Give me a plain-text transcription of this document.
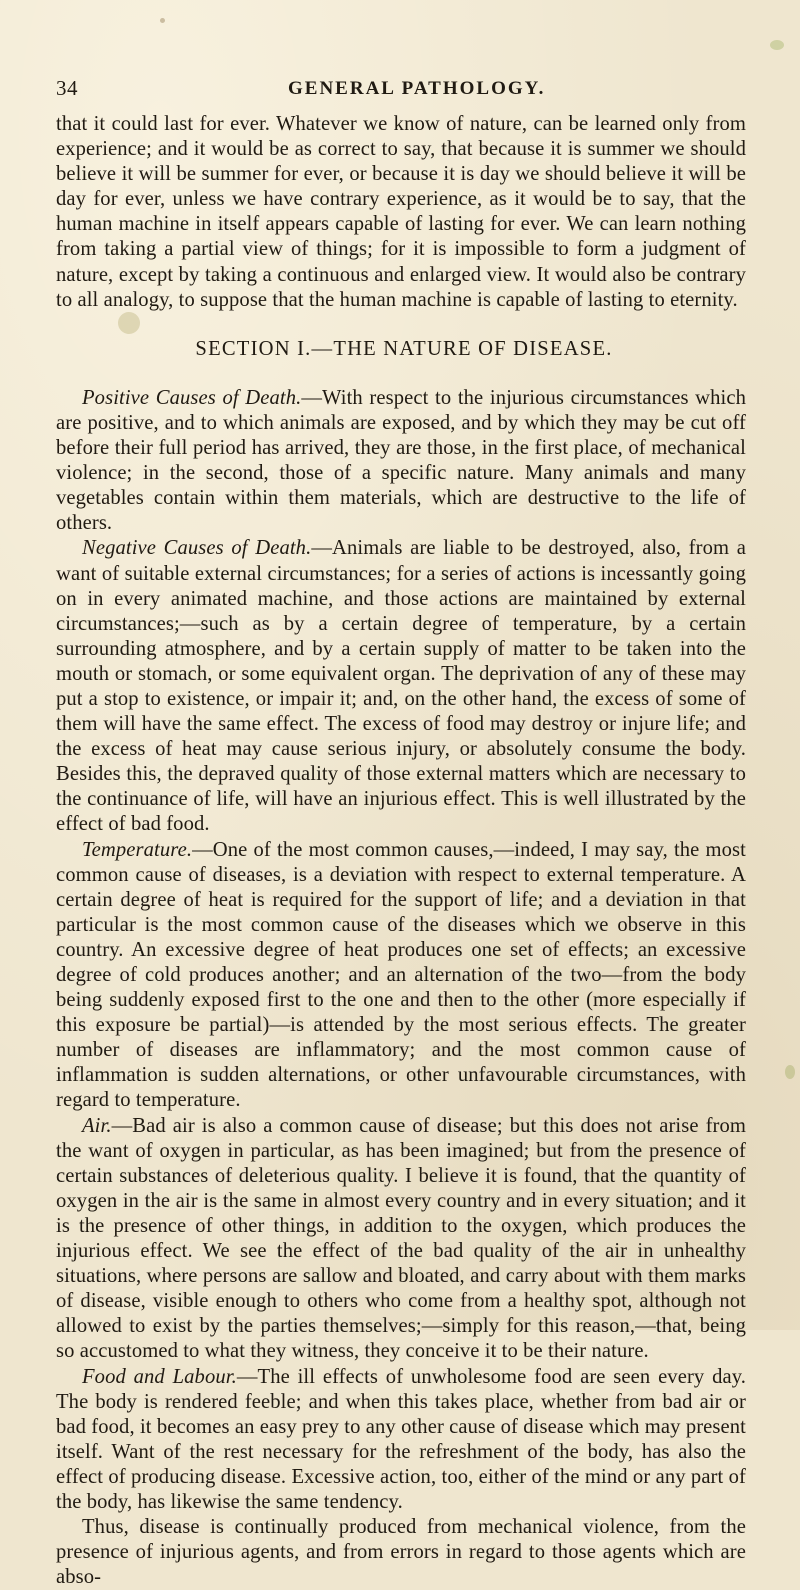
34	GENERAL PATHOLOGY.

that it could last for ever. Whatever we know of nature, can be learned only from experience; and it would be as correct to say, that because it is summer we should believe it will be summer for ever, or because it is day we should believe it will be day for ever, unless we have contrary experience, as it would be to say, that the human machine in itself appears capable of lasting for ever. We can learn nothing from taking a partial view of things; for it is impossible to form a judgment of nature, except by taking a continuous and enlarged view. It would also be contrary to all analogy, to suppose that the human machine is capable of lasting to eternity.

SECTION I.—THE NATURE OF DISEASE.

Positive Causes of Death.—With respect to the injurious circumstances which are positive, and to which animals are exposed, and by which they may be cut off before their full period has arrived, they are those, in the first place, of mechanical violence; in the second, those of a specific nature. Many animals and many vegetables contain within them materials, which are destructive to the life of others.

Negative Causes of Death.—Animals are liable to be destroyed, also, from a want of suitable external circumstances; for a series of actions is incessantly going on in every animated machine, and those actions are maintained by external circumstances;—such as by a certain degree of temperature, by a certain surrounding atmosphere, and by a certain supply of matter to be taken into the mouth or stomach, or some equivalent organ. The deprivation of any of these may put a stop to existence, or impair it; and, on the other hand, the excess of some of them will have the same effect. The excess of food may destroy or injure life; and the excess of heat may cause serious injury, or absolutely consume the body. Besides this, the depraved quality of those external matters which are necessary to the continuance of life, will have an injurious effect. This is well illustrated by the effect of bad food.

Temperature.—One of the most common causes,—indeed, I may say, the most common cause of diseases, is a deviation with respect to external temperature. A certain degree of heat is required for the support of life; and a deviation in that particular is the most common cause of the diseases which we observe in this country. An excessive degree of heat produces one set of effects; an excessive degree of cold produces another; and an alternation of the two—from the body being suddenly exposed first to the one and then to the other (more especially if this exposure be partial)—is attended by the most serious effects. The greater number of diseases are inflammatory; and the most common cause of inflammation is sudden alternations, or other unfavourable circumstances, with regard to temperature.

Air.—Bad air is also a common cause of disease; but this does not arise from the want of oxygen in particular, as has been imagined; but from the presence of certain substances of deleterious quality. I believe it is found, that the quantity of oxygen in the air is the same in almost every country and in every situation; and it is the presence of other things, in addition to the oxygen, which produces the injurious effect. We see the effect of the bad quality of the air in unhealthy situations, where persons are sallow and bloated, and carry about with them marks of disease, visible enough to others who come from a healthy spot, although not allowed to exist by the parties themselves;—simply for this reason,—that, being so accustomed to what they witness, they conceive it to be their nature.

Food and Labour.—The ill effects of unwholesome food are seen every day. The body is rendered feeble; and when this takes place, whether from bad air or bad food, it becomes an easy prey to any other cause of disease which may present itself. Want of the rest necessary for the refreshment of the body, has also the effect of producing disease. Excessive action, too, either of the mind or any part of the body, has likewise the same tendency.

Thus, disease is continually produced from mechanical violence, from the presence of injurious agents, and from errors in regard to those agents which are abso-
